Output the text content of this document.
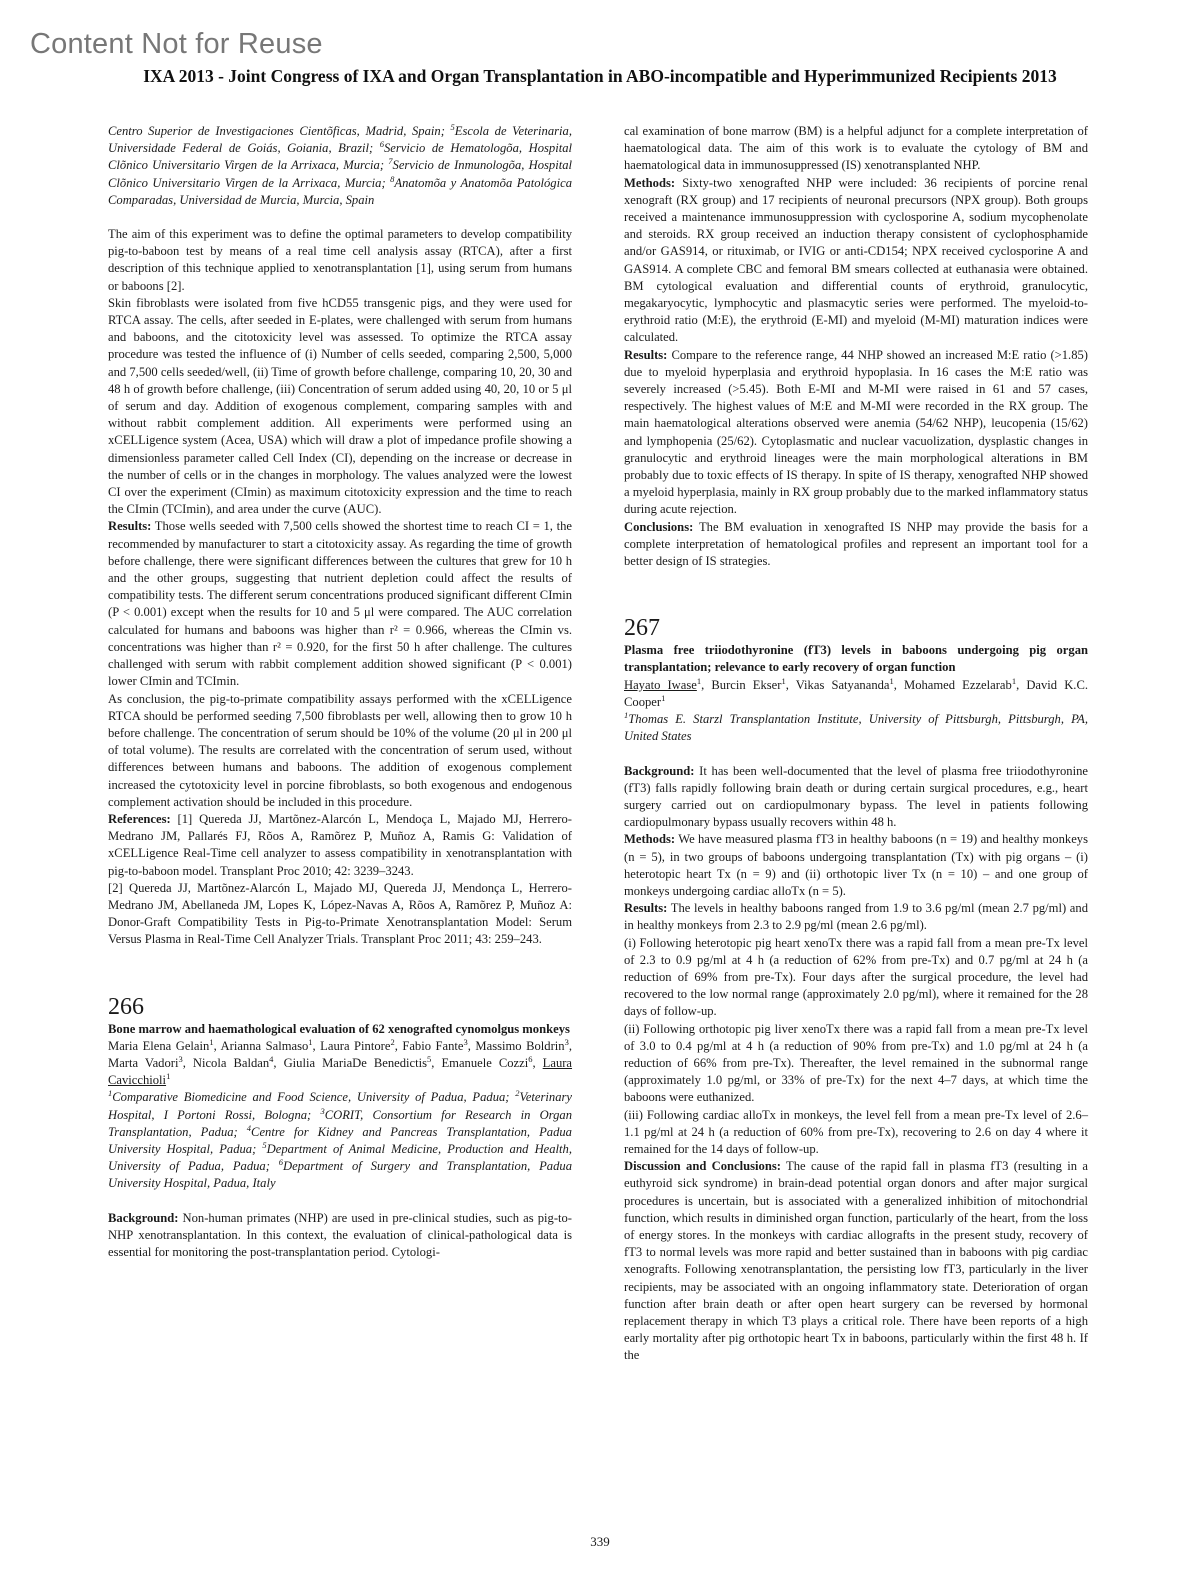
Content Not for Reuse
IXA 2013 - Joint Congress of IXA and Organ Transplantation in ABO-incompatible and Hyperimmunized Recipients 2013

Centro Superior de Investigaciones Cientõficas, Madrid, Spain; $^5$Escola de Veterinaria, Universidade Federal de Goiás, Goiania, Brazil; $^6$Servicio de Hematologõa, Hospital Clõnico Universitario Virgen de la Arrixaca, Murcia; $^7$Servicio de Inmunologõa, Hospital Clõnico Universitario Virgen de la Arrixaca, Murcia; $^8$Anatomõa y Anatomõa Patológica Comparadas, Universidad de Murcia, Murcia, Spain

The aim of this experiment was to define the optimal parameters to develop compatibility pig-to-baboon test by means of a real time cell analysis assay (RTCA), after a first description of this technique applied to xenotransplantation [1], using serum from humans or baboons [2].

Skin fibroblasts were isolated from five hCD55 transgenic pigs, and they were used for RTCA assay. The cells, after seeded in E-plates, were challenged with serum from humans and baboons, and the citotoxicity level was assessed. To optimize the RTCA assay procedure was tested the influence of (i) Number of cells seeded, comparing 2,500, 5,000 and 7,500 cells seeded/well, (ii) Time of growth before challenge, comparing 10, 20, 30 and 48 h of growth before challenge, (iii) Concentration of serum added using 40, 20, 10 or 5 μl of serum and day. Addition of exogenous complement, comparing samples with and without rabbit complement addition. All experiments were performed using an xCELLigence system (Acea, USA) which will draw a plot of impedance profile showing a dimensionless parameter called Cell Index (CI), depending on the increase or decrease in the number of cells or in the changes in morphology. The values analyzed were the lowest CI over the experiment (CImin) as maximum citotoxicity expression and the time to reach the CImin (TCImin), and area under the curve (AUC).

Results: Those wells seeded with 7,500 cells showed the shortest time to reach CI = 1, the recommended by manufacturer to start a citotoxicity assay. As regarding the time of growth before challenge, there were significant differences between the cultures that grew for 10 h and the other groups, suggesting that nutrient depletion could affect the results of compatibility tests. The different serum concentrations produced significant different CImin (P < 0.001) except when the results for 10 and 5 μl were compared. The AUC correlation calculated for humans and baboons was higher than r² = 0.966, whereas the CImin vs. concentrations was higher than r² = 0.920, for the first 50 h after challenge. The cultures challenged with serum with rabbit complement addition showed significant (P < 0.001) lower CImin and TCImin.

As conclusion, the pig-to-primate compatibility assays performed with the xCELLigence RTCA should be performed seeding 7,500 fibroblasts per well, allowing then to grow 10 h before challenge. The concentration of serum should be 10% of the volume (20 μl in 200 μl of total volume). The results are correlated with the concentration of serum used, without differences between humans and baboons. The addition of exogenous complement increased the cytotoxicity level in porcine fibroblasts, so both exogenous and endogenous complement activation should be included in this procedure.

References: [1] Quereda JJ, Martõnez-Alarcón L, Mendoça L, Majado MJ, Herrero-Medrano JM, Pallarés FJ, Rõos A, Ramõrez P, Muñoz A, Ramis G: Validation of xCELLigence Real-Time cell analyzer to assess compatibility in xenotransplantation with pig-to-baboon model. Transplant Proc 2010; 42: 3239–3243.

[2] Quereda JJ, Martõnez-Alarcón L, Majado MJ, Quereda JJ, Mendonça L, Herrero-Medrano JM, Abellaneda JM, Lopes K, López-Navas A, Rõos A, Ramõrez P, Muñoz A: Donor-Graft Compatibility Tests in Pig-to-Primate Xenotransplantation Model: Serum Versus Plasma in Real-Time Cell Analyzer Trials. Transplant Proc 2011; 43: 259–243.

266

Bone marrow and haemathological evaluation of 62 xenografted cynomolgus monkeys

Maria Elena Gelain$^1$, Arianna Salmaso$^1$, Laura Pintore$^2$, Fabio Fante$^3$, Massimo Boldrin$^3$, Marta Vadori$^3$, Nicola Baldan$^4$, Giulia MariaDe Benedictis$^5$, Emanuele Cozzi$^6$, Laura Cavicchioli$^1$

$^1$Comparative Biomedicine and Food Science, University of Padua, Padua; $^2$Veterinary Hospital, I Portoni Rossi, Bologna; $^3$CORIT, Consortium for Research in Organ Transplantation, Padua; $^4$Centre for Kidney and Pancreas Transplantation, Padua University Hospital, Padua; $^5$Department of Animal Medicine, Production and Health, University of Padua, Padua; $^6$Department of Surgery and Transplantation, Padua University Hospital, Padua, Italy

Background: Non-human primates (NHP) are used in pre-clinical studies, such as pig-to-NHP xenotransplantation. In this context, the evaluation of clinical-pathological data is essential for monitoring the post-transplantation period. Cytologi-

cal examination of bone marrow (BM) is a helpful adjunct for a complete interpretation of haematological data. The aim of this work is to evaluate the cytology of BM and haematological data in immunosuppressed (IS) xenotransplanted NHP.

Methods: Sixty-two xenografted NHP were included: 36 recipients of porcine renal xenograft (RX group) and 17 recipients of neuronal precursors (NPX group). Both groups received a maintenance immunosuppression with cyclosporine A, sodium mycophenolate and steroids. RX group received an induction therapy consistent of cyclophosphamide and/or GAS914, or rituximab, or IVIG or anti-CD154; NPX received cyclosporine A and GAS914. A complete CBC and femoral BM smears collected at euthanasia were obtained. BM cytological evaluation and differential counts of erythroid, granulocytic, megakaryocytic, lymphocytic and plasmacytic series were performed. The myeloid-to-erythroid ratio (M:E), the erythroid (E-MI) and myeloid (M-MI) maturation indices were calculated.

Results: Compare to the reference range, 44 NHP showed an increased M:E ratio (>1.85) due to myeloid hyperplasia and erythroid hypoplasia. In 16 cases the M:E ratio was severely increased (>5.45). Both E-MI and M-MI were raised in 61 and 57 cases, respectively. The highest values of M:E and M-MI were recorded in the RX group. The main haematological alterations observed were anemia (54/62 NHP), leucopenia (15/62) and lymphopenia (25/62). Cytoplasmatic and nuclear vacuolization, dysplastic changes in granulocytic and erythroid lineages were the main morphological alterations in BM probably due to toxic effects of IS therapy. In spite of IS therapy, xenografted NHP showed a myeloid hyperplasia, mainly in RX group probably due to the marked inflammatory status during acute rejection.

Conclusions: The BM evaluation in xenografted IS NHP may provide the basis for a complete interpretation of hematological profiles and represent an important tool for a better design of IS strategies.

267

Plasma free triiodothyronine (fT3) levels in baboons undergoing pig organ transplantation; relevance to early recovery of organ function

Hayato Iwase$^1$, Burcin Ekser$^1$, Vikas Satyananda$^1$, Mohamed Ezzelarab$^1$, David K.C. Cooper$^1$

$^1$Thomas E. Starzl Transplantation Institute, University of Pittsburgh, Pittsburgh, PA, United States

Background: It has been well-documented that the level of plasma free triiodothyronine (fT3) falls rapidly following brain death or during certain surgical procedures, e.g., heart surgery carried out on cardiopulmonary bypass. The level in patients following cardiopulmonary bypass usually recovers within 48 h.

Methods: We have measured plasma fT3 in healthy baboons (n = 19) and healthy monkeys (n = 5), in two groups of baboons undergoing transplantation (Tx) with pig organs – (i) heterotopic heart Tx (n = 9) and (ii) orthotopic liver Tx (n = 10) – and one group of monkeys undergoing cardiac alloTx (n = 5).

Results: The levels in healthy baboons ranged from 1.9 to 3.6 pg/ml (mean 2.7 pg/ml) and in healthy monkeys from 2.3 to 2.9 pg/ml (mean 2.6 pg/ml).

(i) Following heterotopic pig heart xenoTx there was a rapid fall from a mean pre-Tx level of 2.3 to 0.9 pg/ml at 4 h (a reduction of 62% from pre-Tx) and 0.7 pg/ml at 24 h (a reduction of 69% from pre-Tx). Four days after the surgical procedure, the level had recovered to the low normal range (approximately 2.0 pg/ml), where it remained for the 28 days of follow-up.

(ii) Following orthotopic pig liver xenoTx there was a rapid fall from a mean pre-Tx level of 3.0 to 0.4 pg/ml at 4 h (a reduction of 90% from pre-Tx) and 1.0 pg/ml at 24 h (a reduction of 66% from pre-Tx). Thereafter, the level remained in the subnormal range (approximately 1.0 pg/ml, or 33% of pre-Tx) for the next 4–7 days, at which time the baboons were euthanized.

(iii) Following cardiac alloTx in monkeys, the level fell from a mean pre-Tx level of 2.6–1.1 pg/ml at 24 h (a reduction of 60% from pre-Tx), recovering to 2.6 on day 4 where it remained for the 14 days of follow-up.

Discussion and Conclusions: The cause of the rapid fall in plasma fT3 (resulting in a euthyroid sick syndrome) in brain-dead potential organ donors and after major surgical procedures is uncertain, but is associated with a generalized inhibition of mitochondrial function, which results in diminished organ function, particularly of the heart, from the loss of energy stores. In the monkeys with cardiac allografts in the present study, recovery of fT3 to normal levels was more rapid and better sustained than in baboons with pig cardiac xenografts. Following xenotransplantation, the persisting low fT3, particularly in the liver recipients, may be associated with an ongoing inflammatory state. Deterioration of organ function after brain death or after open heart surgery can be reversed by hormonal replacement therapy in which T3 plays a critical role. There have been reports of a high early mortality after pig orthotopic heart Tx in baboons, particularly within the first 48 h. If the

339
